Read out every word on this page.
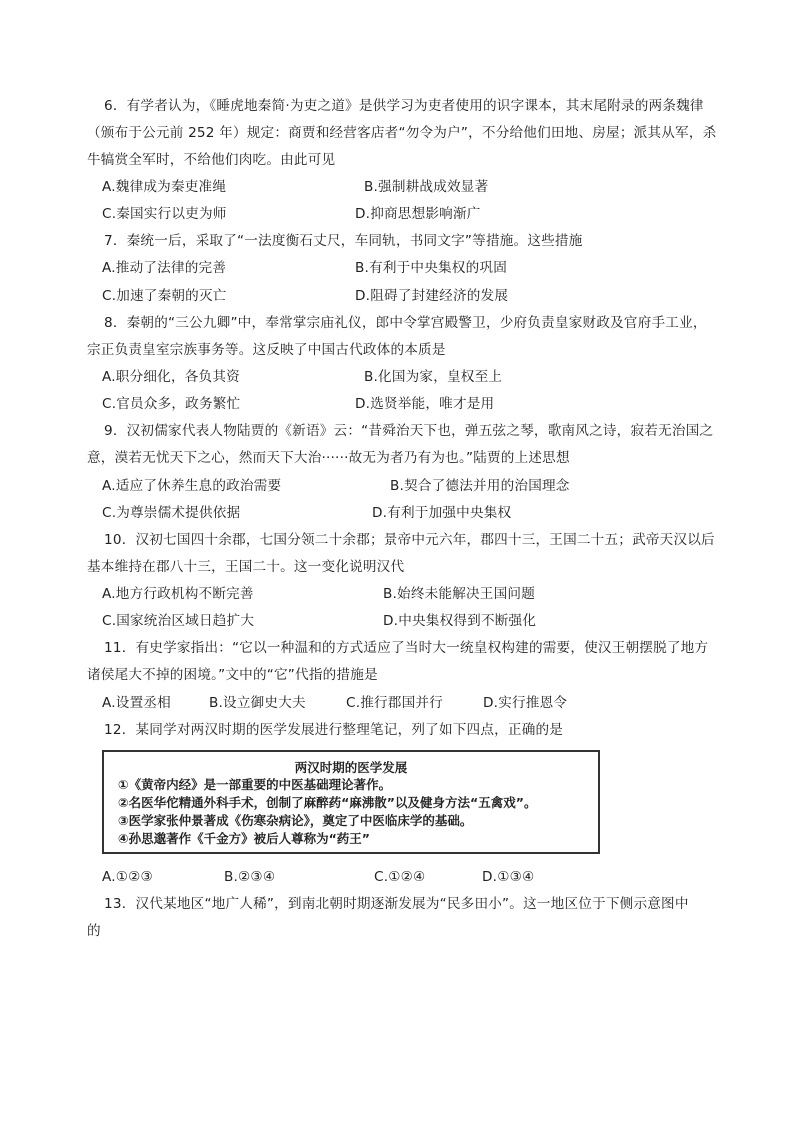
6．有学者认为，《睡虎地秦简·为吏之道》是供学习为吏者使用的识字课本，其末尾附录的两条魏律
（颁布于公元前 252 年）规定：商贾和经营客店者“勿令为户”，不分给他们田地、房屋；派其从军，杀
牛犒赏全军时，不给他们肉吃。由此可见
A.魏律成为秦吏准绳	B.强制耕战成效显著
C.秦国实行以吏为师	D.抑商思想影响渐广
7．秦统一后，采取了“一法度衡石丈尺，车同轨，书同文字”等措施。这些措施
A.推动了法律的完善	B.有利于中央集权的巩固
C.加速了秦朝的灭亡	D.阻碍了封建经济的发展
8．秦朝的“三公九卿”中，奉常掌宗庙礼仪，郎中令掌宫殿警卫，少府负责皇家财政及官府手工业，
宗正负责皇室宗族事务等。这反映了中国古代政体的本质是
A.职分细化，各负其资	B.化国为家，皇权至上
C.官员众多，政务繁忙	D.选贤举能，唯才是用
9．汉初儒家代表人物陆贾的《新语》云：“昔舜治天下也，弹五弦之琴，歌南风之诗，寂若无治国之
意，漠若无忧天下之心，然而天下大治······故无为者乃有为也。”陆贾的上述思想
A.适应了休养生息的政治需要	B.契合了德法并用的治国理念
C.为尊崇儒术提供依据	D.有利于加强中央集权
10．汉初七国四十余郡，七国分领二十余郡；景帝中元六年，郡四十三，王国二十五；武帝天汉以后
基本维持在郡八十三，王国二十。这一变化说明汉代
A.地方行政机构不断完善	B.始终未能解决王国问题
C.国家统治区域日趋扩大	D.中央集权得到不断强化
11．有史学家指出：“它以一种温和的方式适应了当时大一统皇权构建的需要，使汉王朝摆脱了地方
诸侯尾大不掉的困境。”文中的“它”代指的措施是
A.设置丞相	B.设立御史大夫	C.推行郡国并行	D.实行推恩令
12．某同学对两汉时期的医学发展进行整理笔记，列了如下四点，正确的是
两汉时期的医学发展
①《黄帝内经》是一部重要的中医基础理论著作。
②名医华佗精通外科手术，创制了麻醉药“麻沸散”以及健身方法“五禽戏”。
③医学家张仲景著成《伤寒杂病论》，奠定了中医临床学的基础。
④孙思邈著作《千金方》被后人尊称为“药王”
A.①②③	B.②③④	C.①②④	D.①③④
13．汉代某地区“地广人稀”，到南北朝时期逐渐发展为“民多田小”。这一地区位于下侧示意图中
的
